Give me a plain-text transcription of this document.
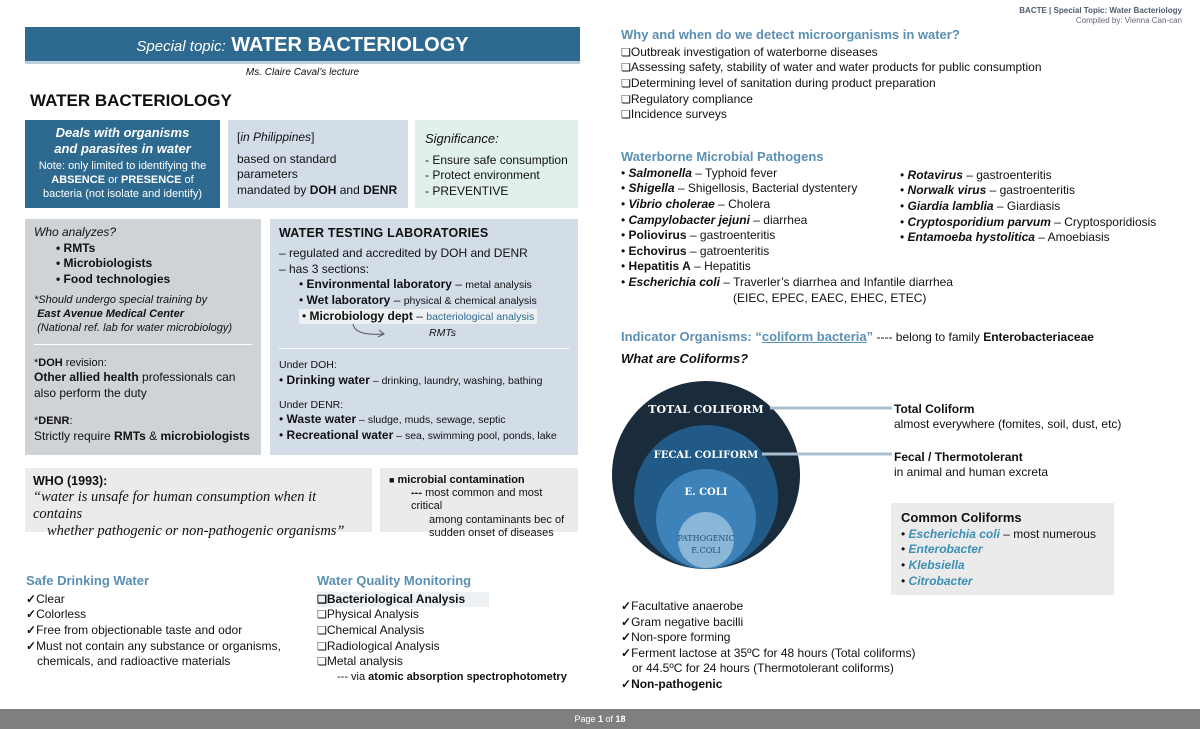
BACTE | Special Topic: Water Bacteriology
Compiled by: Vienna Can-can
Special topic: WATER BACTERIOLOGY
Ms. Claire Caval’s lecture
WATER BACTERIOLOGY
Deals with organisms
and parasites in water
Note: only limited to identifying the
ABSENCE or PRESENCE of
bacteria (not isolate and identify)
[in Philippines]
based on standard parameters
mandated by DOH and DENR
Significance:
- Ensure safe consumption
- Protect environment
- PREVENTIVE
Who analyzes?
• RMTs
• Microbiologists
• Food technologies
*Should undergo special training by
East Avenue Medical Center
(National ref. lab for water microbiology)
*DOH revision:
Other allied health professionals can
also perform the duty
*DENR:
Strictly require RMTs & microbiologists
WATER TESTING LABORATORIES
– regulated and accredited by DOH and DENR
– has 3 sections:
• Environmental laboratory – metal analysis
• Wet laboratory – physical & chemical analysis
• Microbiology dept – bacteriological analysis
RMTs
Under DOH:
• Drinking water – drinking, laundry, washing, bathing
Under DENR:
• Waste water – sludge, muds, sewage, septic
• Recreational water – sea, swimming pool, ponds, lake
WHO (1993):
“water is unsafe for human consumption when it contains
whether pathogenic or non-pathogenic organisms”
■ microbial contamination
--- most common and most critical
among contaminants bec of
sudden onset of diseases
Safe Drinking Water
✓ Clear
✓ Colorless
✓ Free from objectionable taste and odor
✓ Must not contain any substance or organisms,
chemicals, and radioactive materials
Water Quality Monitoring
❏ Bacteriological Analysis
❏ Physical Analysis
❏ Chemical Analysis
❏ Radiological Analysis
❏ Metal analysis
--- via atomic absorption spectrophotometry
Why and when do we detect microorganisms in water?
❏ Outbreak investigation of waterborne diseases
❏ Assessing safety, stability of water and water products for public consumption
❏ Determining level of sanitation during product preparation
❏ Regulatory compliance
❏ Incidence surveys
Waterborne Microbial Pathogens
• Salmonella – Typhoid fever
• Shigella – Shigellosis, Bacterial dystentery
• Vibrio cholerae – Cholera
• Campylobacter jejuni – diarrhea
• Poliovirus – gastroenteritis
• Echovirus – gatroenteritis
• Hepatitis A – Hepatitis
• Escherichia coli – Traverler’s diarrhea and Infantile diarrhea
(EIEC, EPEC, EAEC, EHEC, ETEC)
• Rotavirus – gastroenteritis
• Norwalk virus – gastroenteritis
• Giardia lamblia – Giardiasis
• Cryptosporidium parvum – Cryptosporidiosis
• Entamoeba hystolitica – Amoebiasis
Indicator Organisms: “coliform bacteria” ---- belong to family Enterobacteriaceae
What are Coliforms?
TOTAL COLIFORM
FECAL COLIFORM
E. COLI
PATHOGENIC
E.COLI
Total Coliform
almost everywhere (fomites, soil, dust, etc)
Fecal / Thermotolerant
in animal and human excreta
Common Coliforms
• Escherichia coli – most numerous
• Enterobacter
• Klebsiella
• Citrobacter
✓ Facultative anaerobe
✓ Gram negative bacilli
✓ Non-spore forming
✓ Ferment lactose at 35ºC for 48 hours (Total coliforms)
or 44.5ºC for 24 hours (Thermotolerant coliforms)
✓ Non-pathogenic
Page 1 of 18
